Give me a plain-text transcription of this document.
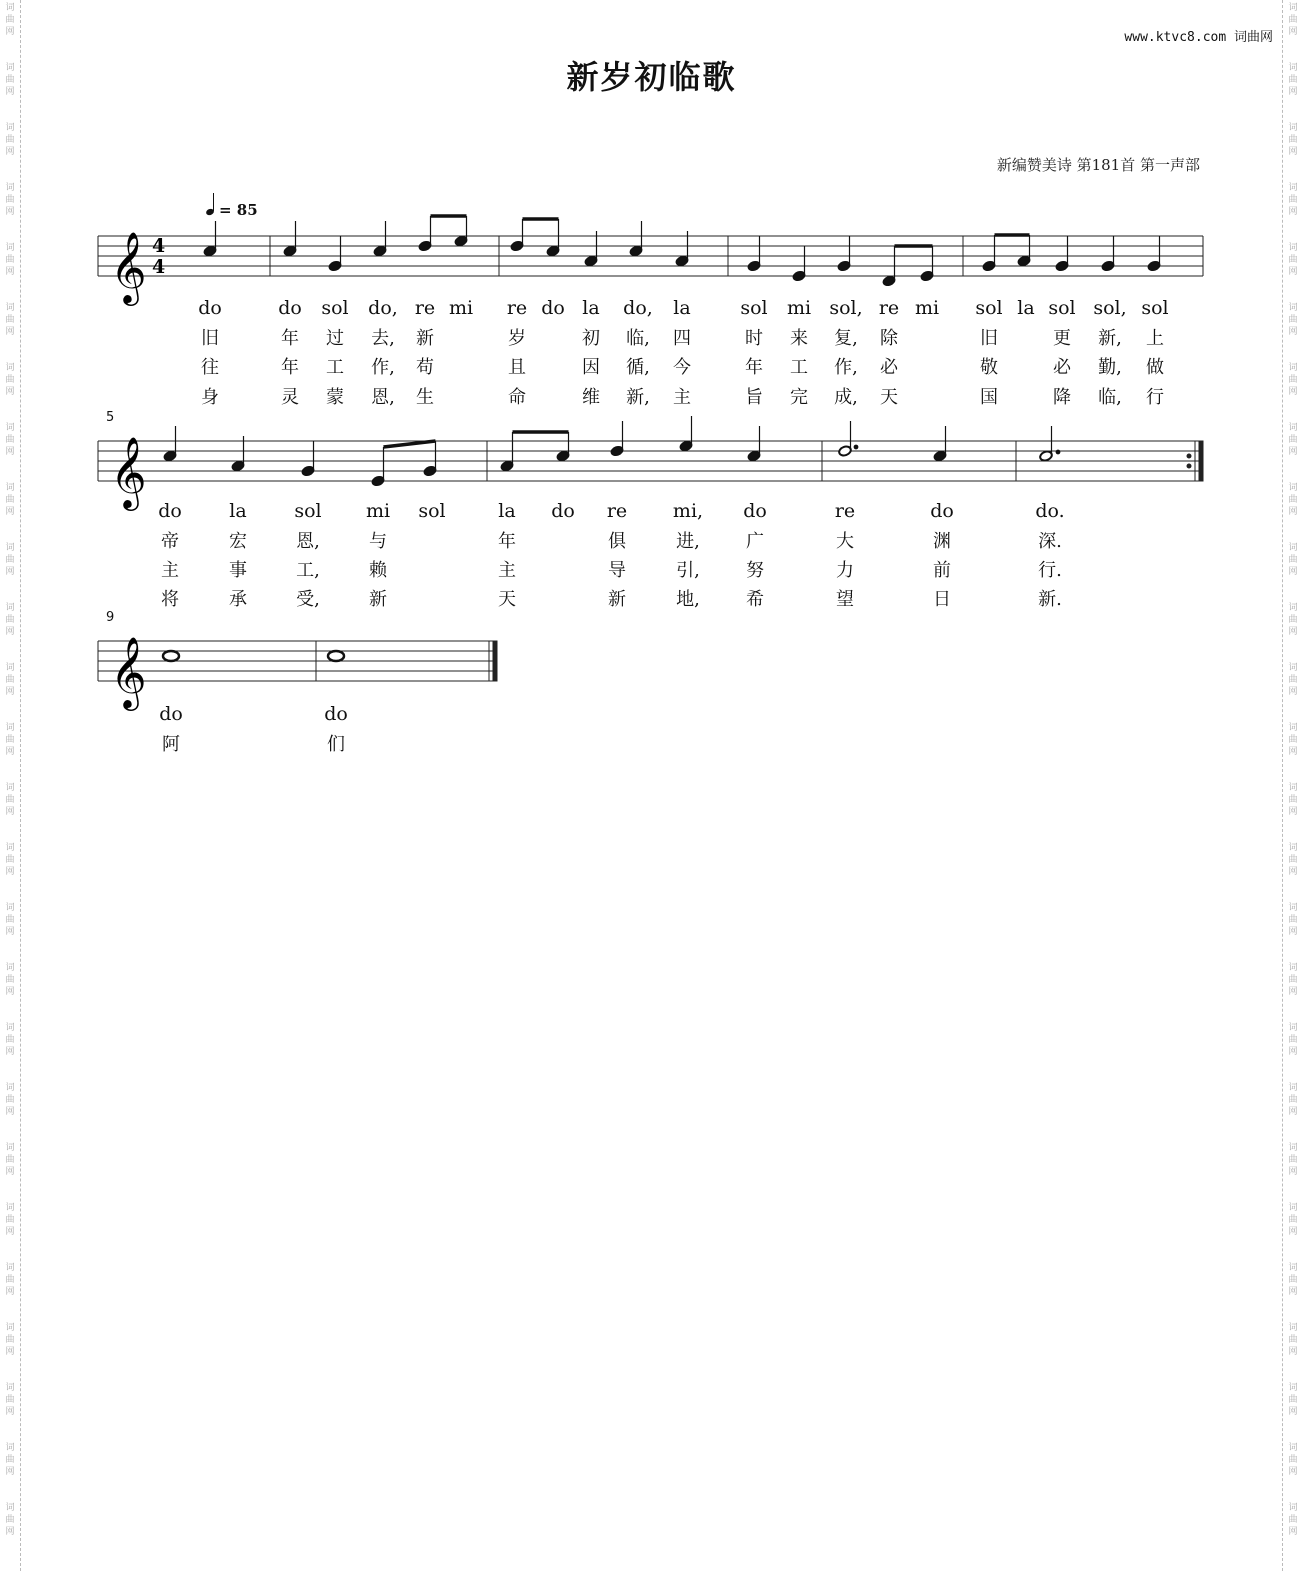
词
曲
网
词
曲
网
词
曲
网
词
曲
网
词
曲
网
词
曲
网
词
曲
网
词
曲
网
词
曲
网
词
曲
网
词
曲
网
词
曲
网
词
曲
网
词
曲
网
词
曲
网
词
曲
网
词
曲
网
词
曲
网
词
曲
网
词
曲
网
词
曲
网
词
曲
网
词
曲
网
词
曲
网
词
曲
网
词
曲
网
词
曲
网
词
曲
网
词
曲
网
词
曲
网
词
曲
网
词
曲
网
词
曲
网
词
曲
网
词
曲
网
词
曲
网
词
曲
网
词
曲
网
词
曲
网
词
曲
网
词
曲
网
词
曲
网
词
曲
网
词
曲
网
词
曲
网
词
曲
网
词
曲
网
词
曲
网
词
曲
网
词
曲
网
词
曲
网
词
曲
网
www.ktvc8.com 词曲网
新岁初临歌
新编赞美诗 第181首 第一声部
𝄞 4
4
𝄞
𝄞
= 85
5
9
do	do sol do, re mi re do la do, la	sol mi sol, re mi sol la sol sol, sol
旧	年 过 去, 新	岁	初 临, 四	时 来 复, 除	旧	更 新, 上
往	年 工 作, 苟	且	因 循, 今	年 工 作, 必	敬	必 勤, 做
身	灵 蒙 恩, 生	命	维 新, 主	旨 完 成, 天	国	降 临, 行
do la	sol mi sol	la do re mi, do	re	do	do.
帝	宏	恩,	与	年	俱	进,	广	大	渊	深.
主	事	工,	赖	主	导	引,	努	力	前	行.
将	承	受,	新	天	新	地,	希	望	日	新.
do	do
阿	们
